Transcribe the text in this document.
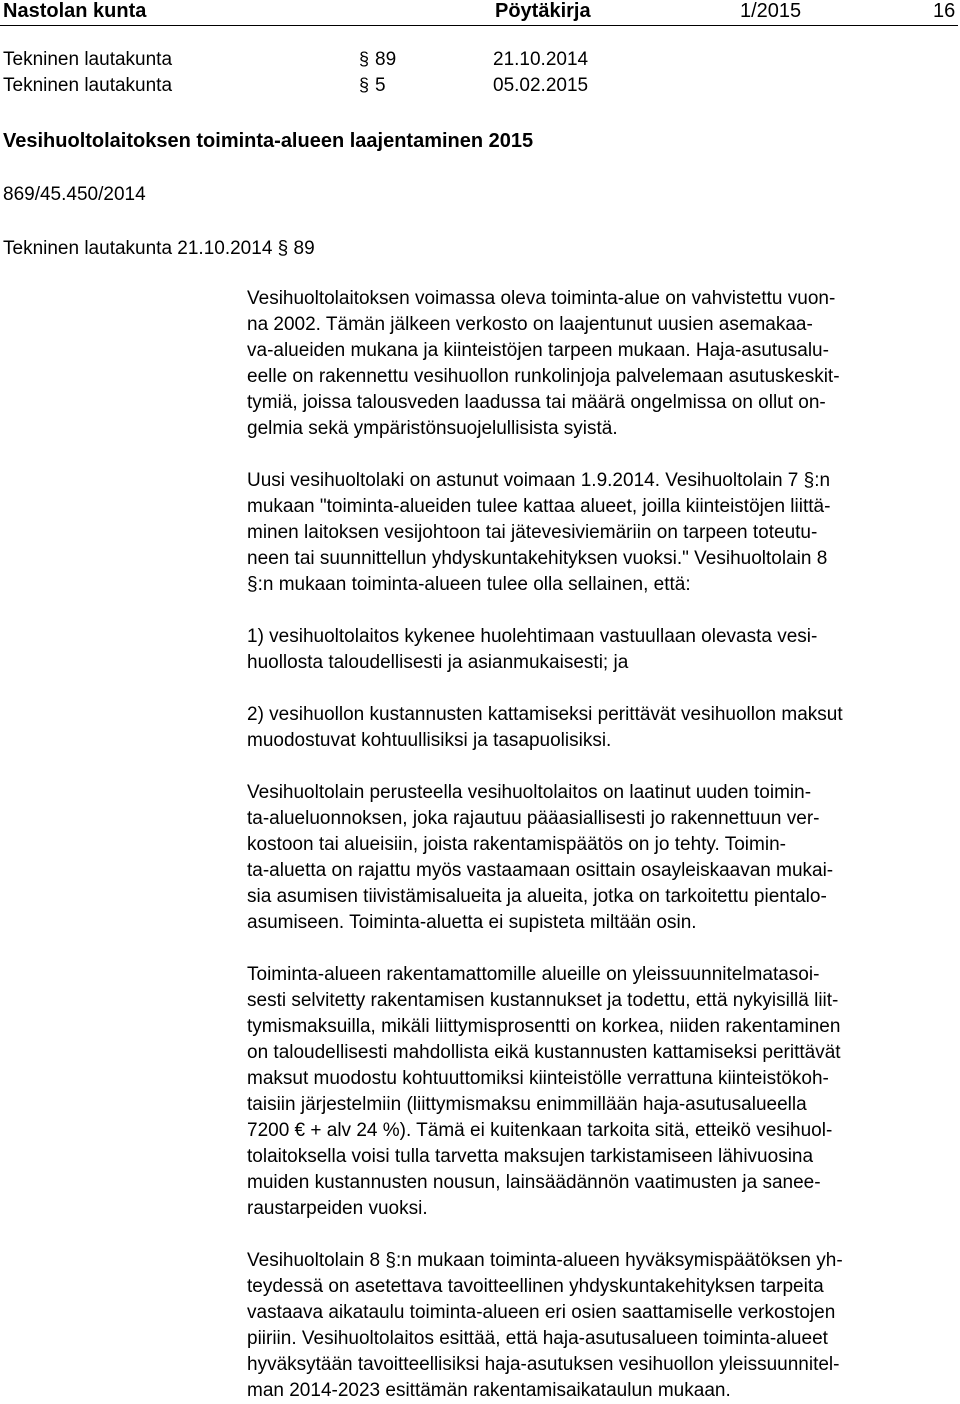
Nastolan kunta	Pöytäkirja	1/2015	16
Tekninen lautakunta	§ 89	21.10.2014
Tekninen lautakunta	§ 5	05.02.2015
Vesihuoltolaitoksen toiminta-alueen laajentaminen 2015
869/45.450/2014
Tekninen lautakunta 21.10.2014 § 89

Vesihuoltolaitoksen voimassa oleva toiminta-alue on vahvistettu vuon-
na 2002. Tämän jälkeen verkosto on laajentunut uusien asemakaa-
va-alueiden mukana ja kiinteistöjen tarpeen mukaan. Haja-asutusalu-
eelle on rakennettu vesihuollon runkolinjoja palvelemaan asutuskeskit-
tymiä, joissa talousveden laadussa tai määrä ongelmissa on ollut on-
gelmia sekä ympäristönsuojelullisista syistä.

Uusi vesihuoltolaki on astunut voimaan 1.9.2014. Vesihuoltolain 7 §:n
mukaan "toiminta-alueiden tulee kattaa alueet, joilla kiinteistöjen liittä-
minen laitoksen vesijohtoon tai jätevesiviemäriin on tarpeen toteutu-
neen tai suunnittellun yhdyskuntakehityksen vuoksi." Vesihuoltolain 8
§:n mukaan toiminta-alueen tulee olla sellainen, että:

1) vesihuoltolaitos kykenee huolehtimaan vastuullaan olevasta vesi-
huollosta taloudellisesti ja asianmukaisesti; ja

2) vesihuollon kustannusten kattamiseksi perittävät vesihuollon maksut
muodostuvat kohtuullisiksi ja tasapuolisiksi.

Vesihuoltolain perusteella vesihuoltolaitos on laatinut uuden toimin-
ta-alueluonnoksen, joka rajautuu pääasiallisesti jo rakennettuun ver-
kostoon tai alueisiin, joista rakentamispäätös on jo tehty. Toimin-
ta-aluetta on rajattu myös vastaamaan osittain osayleiskaavan mukai-
sia asumisen tiivistämisalueita ja alueita, jotka on tarkoitettu pientalo-
asumiseen. Toiminta-aluetta ei supisteta miltään osin.

Toiminta-alueen rakentamattomille alueille on yleissuunnitelmatasoi-
sesti selvitetty rakentamisen kustannukset ja todettu, että nykyisillä liit-
tymismaksuilla, mikäli liittymisprosentti on korkea, niiden rakentaminen
on taloudellisesti mahdollista eikä kustannusten kattamiseksi perittävät
maksut muodostu kohtuuttomiksi kiinteistölle verrattuna kiinteistökoh-
taisiin järjestelmiin (liittymismaksu enimmillään haja-asutusalueella
7200 € + alv 24 %). Tämä ei kuitenkaan tarkoita sitä, etteikö vesihuol-
tolaitoksella voisi tulla tarvetta maksujen tarkistamiseen lähivuosina
muiden kustannusten nousun, lainsäädännön vaatimusten ja saneе-
raustarpeiden vuoksi.

Vesihuoltolain 8 §:n mukaan toiminta-alueen hyväksymispäätöksen yh-
teydessä on asetettava tavoitteellinen yhdyskuntakehityksen tarpeita
vastaava aikataulu toiminta-alueen eri osien saattamiselle verkostojen
piiriin. Vesihuoltolaitos esittää, että haja-asutusalueen toiminta-alueet
hyväksytään tavoitteellisiksi haja-asutuksen vesihuollon yleissuunnitel-
man 2014-2023 esittämän rakentamisaikataulun mukaan.
